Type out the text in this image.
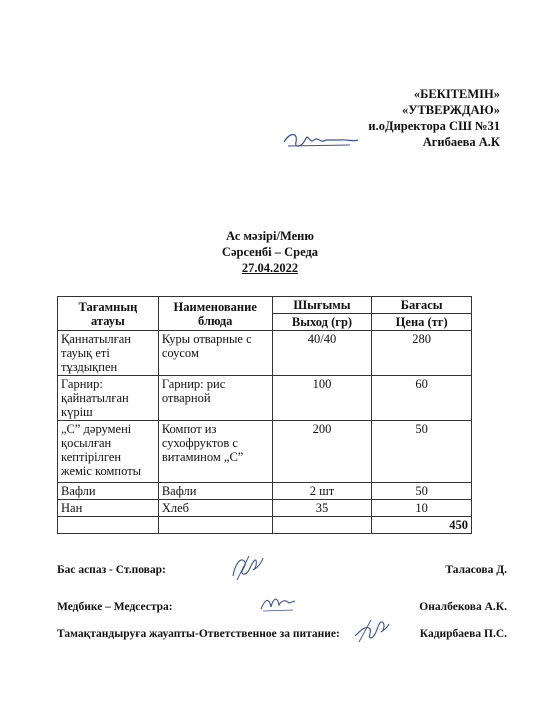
«БЕКІТЕМІН»
«УТВЕРЖДАЮ»
и.оДиректора СШ №31
Агибаева А.К
Ас мәзірі/Меню
Сәрсенбі – Среда
27.04.2022
Тағамның атауы	Наименование блюда	Шығымы	Бағасы
		Выход (гр)	Цена (тг)
Қаннатылған тауық еті тұздықпен	Куры отварные с соусом	40/40	280
Гарнир: қайнатылған күріш	Гарнир: рис отварной	100	60
„С” дәрумені қосылған кептірілген жеміс компоты	Компот из сухофруктов с витамином „С”	200	50
Вафли	Вафли	2 шт	50
Нан	Хлеб	35	10
			450
Бас аспаз - Ст.повар:	Таласова Д.
Медбике – Медсестра:	Оналбекова А.К.
Тамақтандыруға жауапты-Ответственное за питание:	Кадирбаева П.С.
